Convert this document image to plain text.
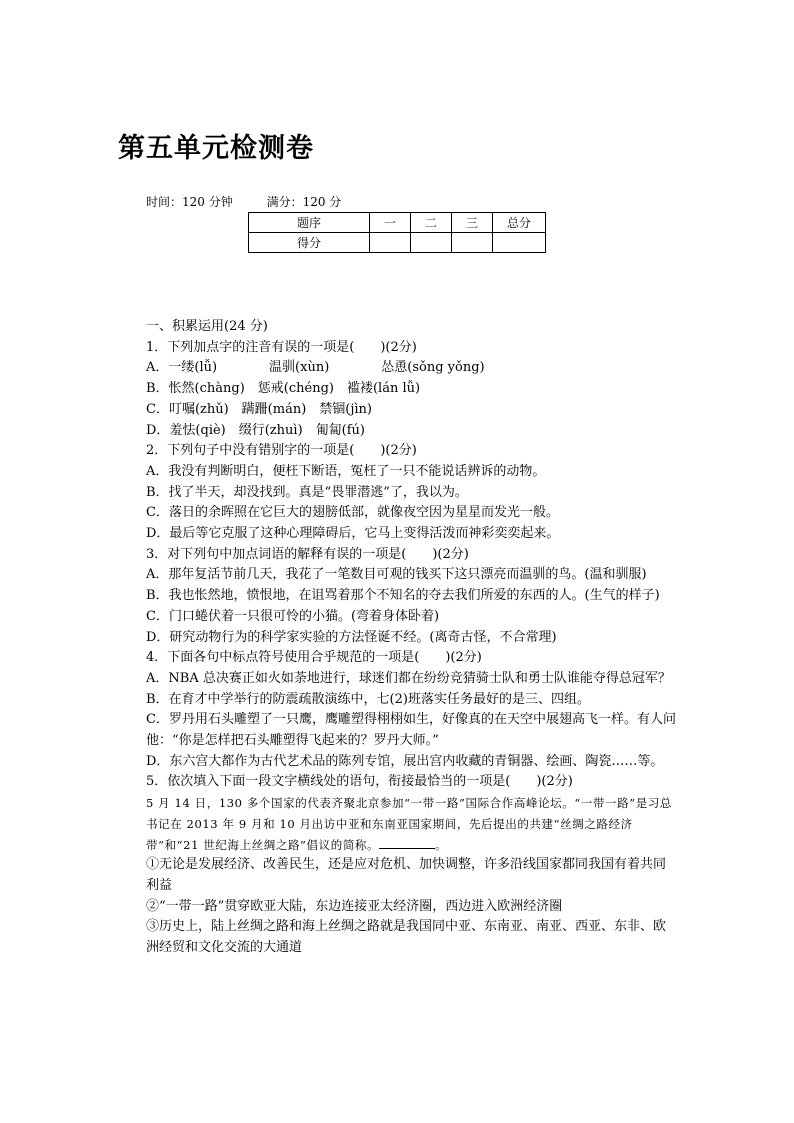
第五单元检测卷
时间：120 分钟	满分：120 分
题序	一	二	三	总分
得分				
一、积累运用(24 分)
1．下列加点字的注音有误的一项是(　　)(2分)
A．一缕(lǚ)　　　　温驯(xùn)　　　　怂恿(sǒng yǒng)
B．怅然(chàng)　惩戒(chéng)　褴褛(lán lǚ)
C．叮嘱(zhǔ)　蹒跚(mán)　禁锢(jìn)
D．羞怯(qiè)　缀行(zhuì)　匍匐(fú)
2．下列句子中没有错别字的一项是(　　)(2分)
A．我没有判断明白，便枉下断语，冤枉了一只不能说话辨诉的动物。
B．找了半天，却没找到。真是“畏罪潜逃”了，我以为。
C．落日的余晖照在它巨大的翅膀低部，就像夜空因为星星而发光一般。
D．最后等它克服了这种心理障碍后，它马上变得活泼而神彩奕奕起来。
3．对下列句中加点词语的解释有误的一项是(　　)(2分)
A．那年复活节前几天，我花了一笔数目可观的钱买下这只漂亮而温驯的鸟。(温和驯服)
B．我也怅然地，愤恨地，在诅骂着那个不知名的夺去我们所爱的东西的人。(生气的样子)
C．门口蜷伏着一只很可怜的小猫。(弯着身体卧着)
D．研究动物行为的科学家实验的方法怪诞不经。(离奇古怪，不合常理)
4．下面各句中标点符号使用合乎规范的一项是(　　)(2分)
A．NBA 总决赛正如火如荼地进行，球迷们都在纷纷竞猜骑士队和勇士队谁能夺得总冠军？
B．在育才中学举行的防震疏散演练中，七(2)班落实任务最好的是三、四组。
C．罗丹用石头雕塑了一只鹰，鹰雕塑得栩栩如生，好像真的在天空中展翅高飞一样。有人问他：“你是怎样把石头雕塑得飞起来的？罗丹大师。”
D．东六宫大都作为古代艺术品的陈列专馆，展出宫内收藏的青铜器、绘画、陶瓷……等。
5．依次填入下面一段文字横线处的语句，衔接最恰当的一项是(　　)(2分)
5 月 14 日，130 多个国家的代表齐聚北京参加“一带一路”国际合作高峰论坛。“一带一路”是习总书记在 2013 年 9 月和 10 月出访中亚和东南亚国家期间，先后提出的共建“丝绸之路经济带”和“21 世纪海上丝绸之路”倡议的简称。	。
①无论是发展经济、改善民生，还是应对危机、加快调整，许多沿线国家都同我国有着共同利益
②“一带一路”贯穿欧亚大陆，东边连接亚太经济圈，西边进入欧洲经济圈
③历史上，陆上丝绸之路和海上丝绸之路就是我国同中亚、东南亚、南亚、西亚、东非、欧洲经贸和文化交流的大通道
